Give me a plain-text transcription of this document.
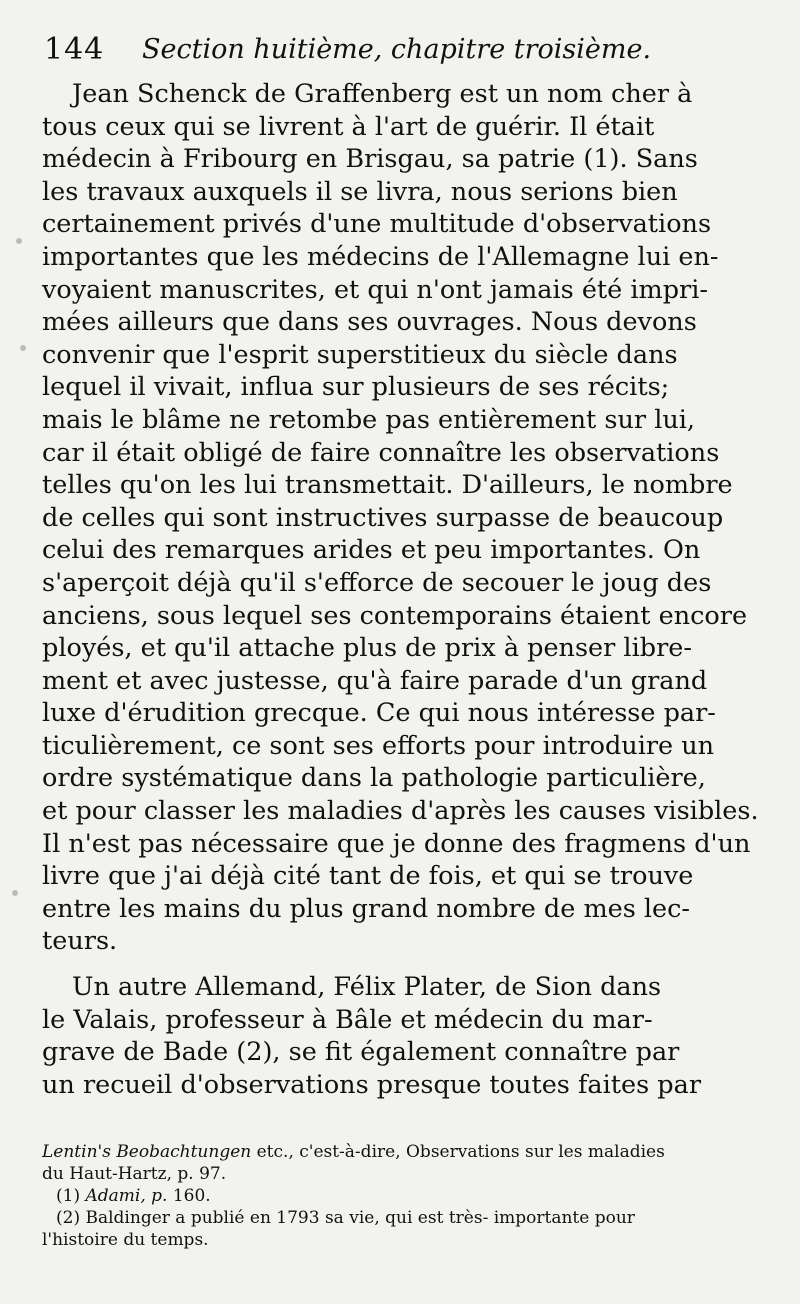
144 Section huitième, chapitre troisième.

Jean Schenck de Graffenberg est un nom cher à

tous ceux qui se livrent à l'art de guérir. Il était

médecin à Fribourg en Brisgau, sa patrie (1). Sans

les travaux auxquels il se livra, nous serions bien

certainement privés d'une multitude d'observations

importantes que les médecins de l'Allemagne lui en-

voyaient manuscrites, et qui n'ont jamais été impri-

mées ailleurs que dans ses ouvrages. Nous devons

convenir que l'esprit superstitieux du siècle dans

lequel il vivait, influa sur plusieurs de ses récits;

mais le blâme ne retombe pas entièrement sur lui,

car il était obligé de faire connaître les observations

telles qu'on les lui transmettait. D'ailleurs, le nombre

de celles qui sont instructives surpasse de beaucoup

celui des remarques arides et peu importantes. On

s'aperçoit déjà qu'il s'efforce de secouer le joug des

anciens, sous lequel ses contemporains étaient encore

ployés, et qu'il attache plus de prix à penser libre-

ment et avec justesse, qu'à faire parade d'un grand

luxe d'érudition grecque. Ce qui nous intéresse par-

ticulièrement, ce sont ses efforts pour introduire un

ordre systématique dans la pathologie particulière,

et pour classer les maladies d'après les causes visibles.

Il n'est pas nécessaire que je donne des fragmens d'un

livre que j'ai déjà cité tant de fois, et qui se trouve

entre les mains du plus grand nombre de mes lec-

teurs.

Un autre Allemand, Félix Plater, de Sion dans

le Valais, professeur à Bâle et médecin du mar-

grave de Bade (2), se fit également connaître par

un recueil d'observations presque toutes faites par

Lentin's Beobachtungen etc., c'est-à-dire, Observations sur les maladies

du Haut-Hartz, p. 97.

(1) Adami, p. 160.

(2) Baldinger a publié en 1793 sa vie, qui est très- importante pour

l'histoire du temps.
